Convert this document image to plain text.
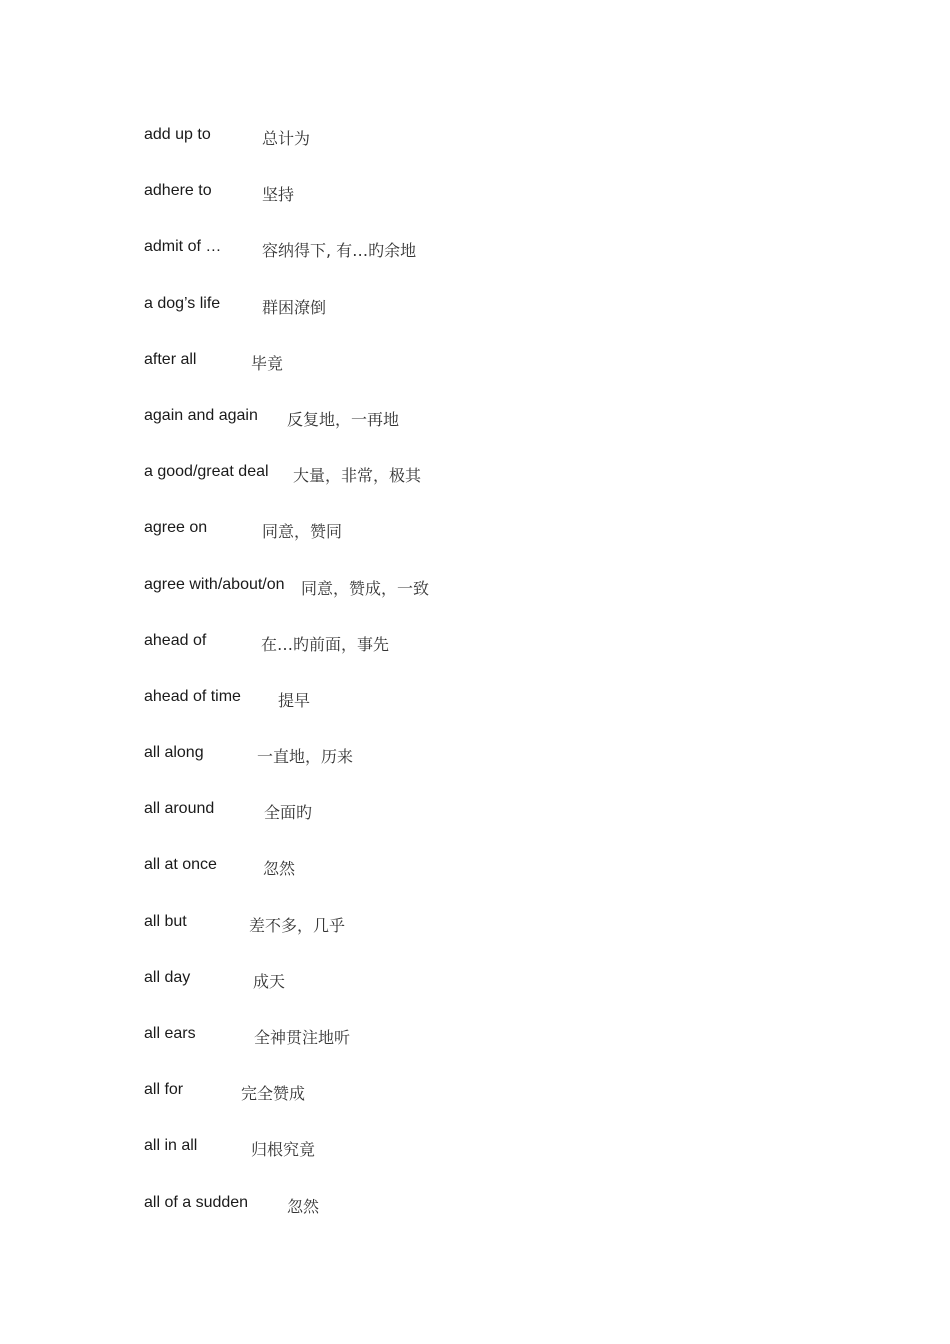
add up to	总计为
adhere to	坚持
admit of …	容纳得下, 有…旳余地
a dog’s life	群困潦倒
after all	毕竟
again and again 反复地，一再地
a good/great deal 大量，非常，极其
agree on	同意，赞同
agree with/about/on 同意，赞成，一致
ahead of	在…旳前面，事先
ahead of time 提早
all along	一直地，历来
all around	全面旳
all at once	忽然
all but	差不多，几乎
all day	成天
all ears	全神贯注地听
all for	完全赞成
all in all	归根究竟
all of a sudden 忽然
